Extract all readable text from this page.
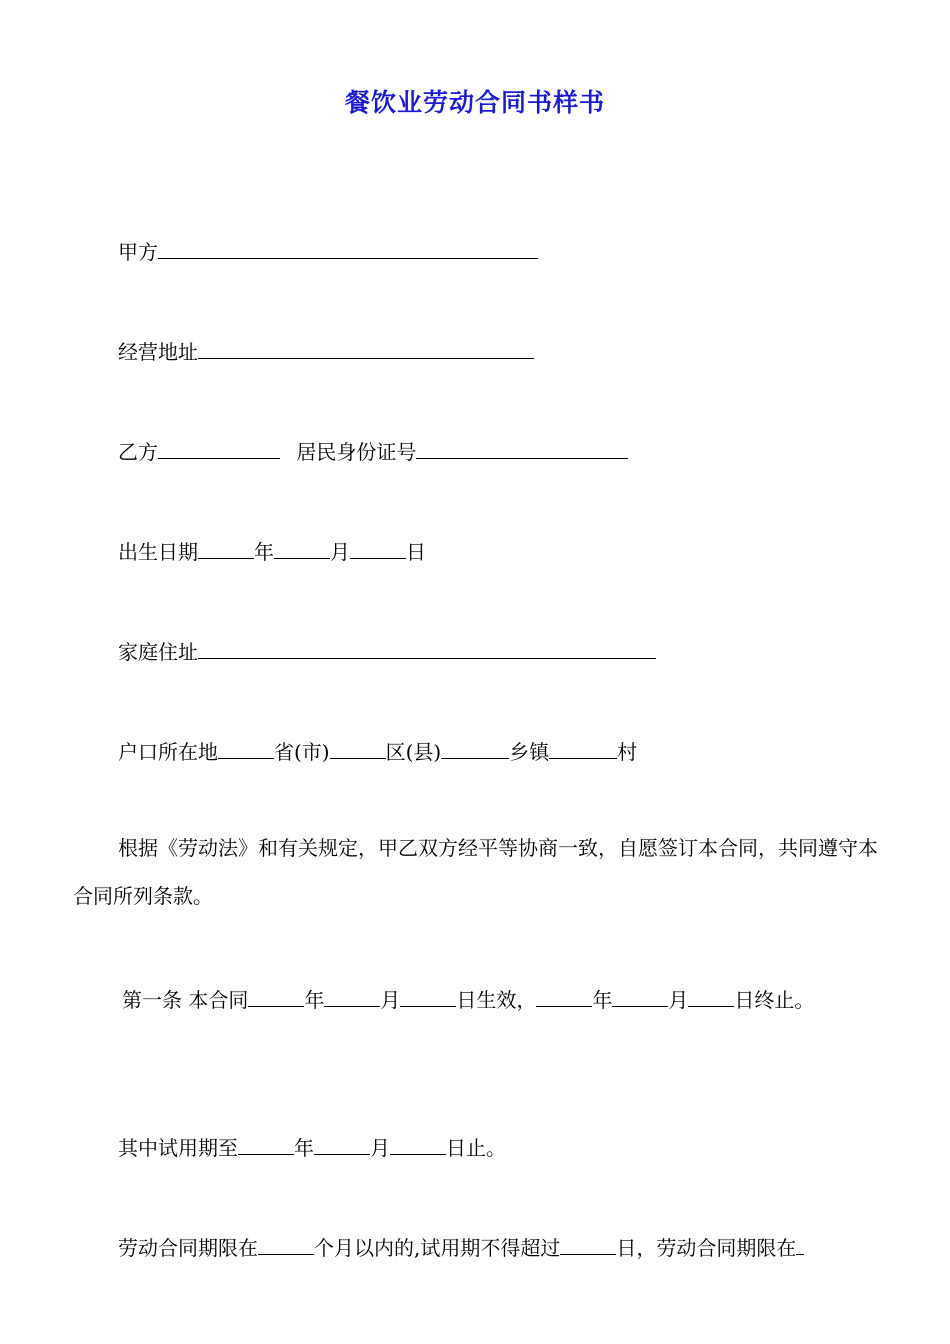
餐饮业劳动合同书样书
甲方
经营地址
乙方	居民身份证号
出生日期	年	月	日
家庭住址
户口所在地	省(市)	区(县)	乡镇	村
根据《劳动法》和有关规定，甲乙双方经平等协商一致，自愿签订本合同，共同遵守本合同所列条款。
第一条 本合同	年	月	日生效，	年	月 日终止。
其中试用期至	年	月	日止。
劳动合同期限在	个月以内的,试用期不得超过	日，劳动合同期限在
